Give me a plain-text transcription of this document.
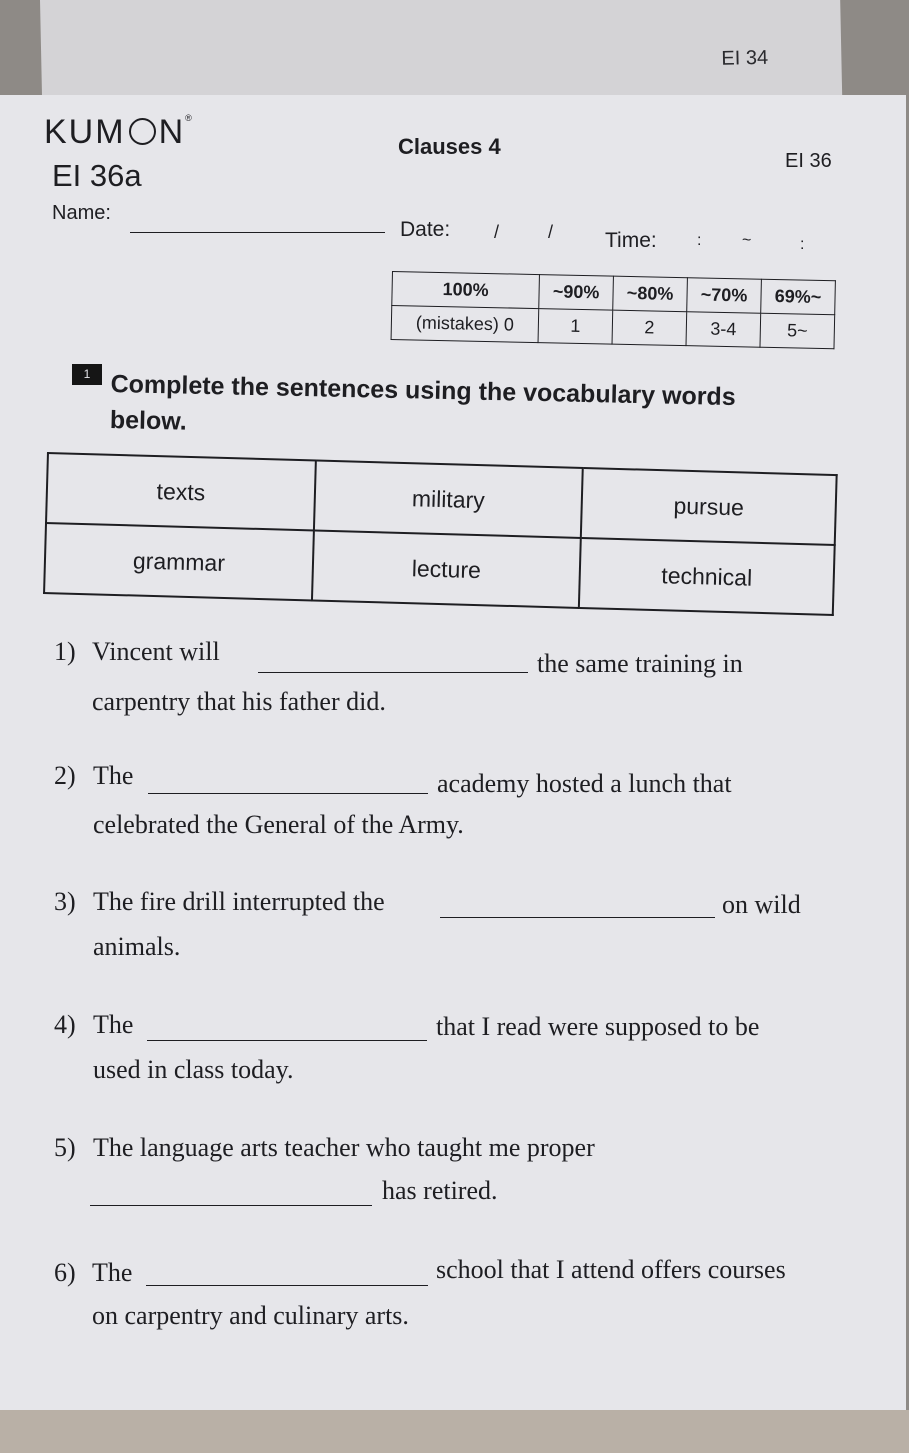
EI 34
KUM N®
EI 36a
Clauses 4
EI 36
Name:
Date: /	/ Time:	:	~	:
100%	~90%	~80%	~70%	69%~
(mistakes) 0	1	2	3-4	5~
1 Complete the sentences using the vocabulary words
below.
texts	military	pursue
grammar	lecture	technical
1) Vincent will	the same training in
carpentry that his father did.
2) The	academy hosted a lunch that
celebrated the General of the Army.
3) The fire drill interrupted the	on wild
animals.
4) The	that I read were supposed to be
used in class today.
5) The language arts teacher who taught me proper
has retired.
6) The	school that I attend offers courses
on carpentry and culinary arts.
